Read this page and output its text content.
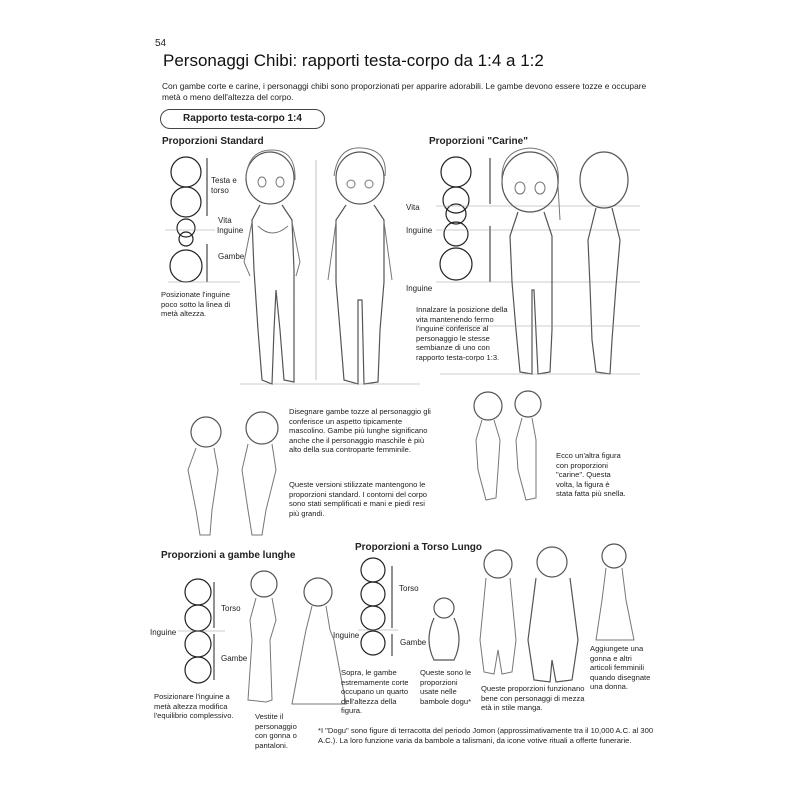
54
Personaggi Chibi: rapporti testa-corpo da 1:4 a 1:2
Con gambe corte e carine, i personaggi chibi sono proporzionati per apparire adorabili. Le gambe devono essere tozze e occupare metà o meno dell'altezza del corpo.
Rapporto testa-corpo 1:4
Proporzioni Standard
Testa e torso
Vita
Inguine
Gambe
Inguine
Posizionate l'inguine poco sotto la linea di metà altezza.
Disegnare gambe tozze al personaggio gli conferisce un aspetto tipicamente mascolino. Gambe più lunghe significano anche che il personaggio maschile è più alto della sua controparte femminile.
Queste versioni stilizzate mantengono le proporzioni standard. I contorni del corpo sono stati semplificati e mani e piedi resi più grandi.
Proporzioni "Carine"
Vita
Inguine
Innalzare la posizione della vita mantenendo fermo l'inguine conferisce al personaggio le stesse sembianze di uno con rapporto testa-corpo 1:3.
Ecco un'altra figura con proporzioni "carine". Questa volta, la figura è stata fatta più snella.
Proporzioni a gambe lunghe
Torso
Inguine
Gambe
Posizionare l'inguine a metà altezza modifica l'equilibrio complessivo.	Vestite il personaggio con gonna o pantaloni.
Proporzioni a Torso Lungo
Torso
Inguine
Gambe
Sopra, le gambe estremamente corte occupano un quarto dell'altezza della figura.
Queste sono le proporzioni usate nelle bambole dogu*
Queste proporzioni funzionano bene con personaggi di mezza età in stile manga.
Aggiungete una gonna e altri articoli femminili quando disegnate una donna.
*I "Dogu" sono figure di terracotta del periodo Jomon (approssimativamente tra il 10,000 A.C. al 300 A.C.). La loro funzione varia da bambole a talismani, da icone votive rituali a offerte funerarie.
